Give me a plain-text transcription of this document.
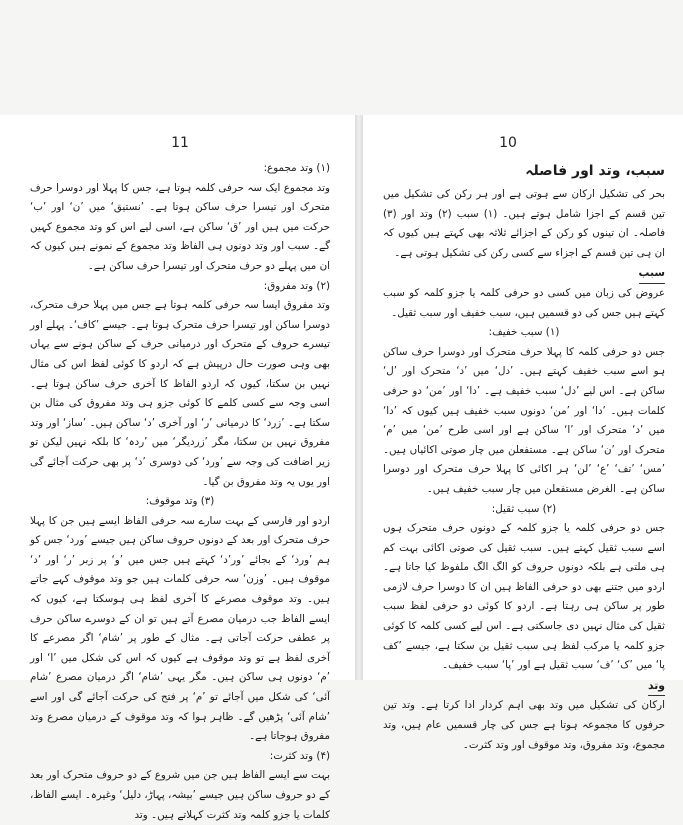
11

(۱) وتد مجموع:

وتد مجموع ایک سہ حرفی کلمہ ہوتا ہے، جس کا پہلا اور دوسرا حرف متحرک اور تیسرا حرف ساکن ہوتا ہے۔ ’نستیق‘ میں ’ن‘ اور ’ب‘ حرکت میں ہیں اور ’ق‘ ساکن ہے، اسی لیے اس کو وتد مجموع کہیں گے۔ سبب اور وتد دونوں ہی الفاظ وتد مجموع کے نمونے ہیں کیوں کہ ان میں پہلے دو حرف متحرک اور تیسرا حرف ساکن ہے۔

(۲) وتد مفروق:

وتد مفروق ایسا سہ حرفی کلمہ ہوتا ہے جس میں پہلا حرف متحرک، دوسرا ساکن اور تیسرا حرف متحرک ہوتا ہے۔ جیسے ’کاف‘۔ پہلے اور تیسرے حروف کے متحرک اور درمیانی حرف کے ساکن ہونے سے یہاں بھی وہی صورت حال درپیش ہے کہ اردو کا کوئی لفظ اس کی مثال نہیں بن سکتا، کیوں کہ اردو الفاظ کا آخری حرف ساکن ہوتا ہے۔ اسی وجہ سے کسی کلمے کا کوئی جزو ہی وتد مفروق کی مثال بن سکتا ہے۔ ’زرد‘ کا درمیانی ’ر‘ اور آخری ’د‘ ساکن ہیں۔ ’ساز‘ اور وتد مفروق نہیں بن سکتا، مگر ’زردیگر‘ میں ’ردہ‘ کا بلکہ نہیں لیکن تو زیر اضافت کی وجہ سے ’ورد‘ کی دوسری ’د‘ پر بھی حرکت آجائے گی اور یوں یہ وتد مفروق بن گیا۔

(۳) وتد موقوف:

اردو اور فارسی کے بہت سارے سہ حرفی الفاظ ایسے ہیں جن کا پہلا حرف متحرک اور بعد کے دونوں حروف ساکن ہیں جیسے ’ورد‘ جس کو ہم ’ورد‘ کے بجائے ’ور’د‘ کہتے ہیں جس میں ’و‘ پر زبر ’ر‘ اور ’د‘ موقوف ہیں۔ ’وزن‘ سہ حرفی کلمات ہیں جو وتد موقوف کہے جاتے ہیں۔ وتد موقوف مصرعے کا آخری لفظ ہی ہوسکتا ہے، کیوں کہ ایسے الفاظ جب درمیان مصرع آتے ہیں تو ان کے دوسرے ساکن حرف پر عطفی حرکت آجاتی ہے۔ مثال کے طور پر ’شام‘ اگر مصرعے کا آخری لفظ ہے تو وتد موقوف ہے کیوں کہ اس کی شکل میں ’ا‘ اور ’م‘ دونوں ہی ساکن ہیں۔ مگر یہی ’شام‘ اگر درمیان مصرع ’شام آئی‘ کی شکل میں آجائے تو ’م‘ پر فتح کی حرکت آجائے گی اور اسے ’شام آئی‘ پڑھیں گے۔ ظاہر ہوا کہ وتد موقوف کے درمیان مصرع وتد مفروق ہوجاتا ہے۔

(۴) وتد کثرت:

بہت سے ایسے الفاظ ہیں جن میں شروع کے دو حروف متحرک اور بعد کے دو حروف ساکن ہیں جیسے ’بیشہ، پہاڑ، دلیل‘ وغیرہ۔ ایسے الفاظ، کلمات یا جزو کلمہ وتد کثرت کہلاتے ہیں۔ وتد

10
سبب، وتد اور فاصلہ

بحر کی تشکیل ارکان سے ہوتی ہے اور ہر رکن کی تشکیل میں تین قسم کے اجزا شامل ہوتے ہیں۔ (۱) سبب (۲) وتد اور (۳) فاصلہ۔ ان تینوں کو رکن کے اجزائے ثلاثہ بھی کہتے ہیں کیوں کہ ان ہی تین قسم کے اجزاء سے کسی رکن کی تشکیل ہوتی ہے۔

سبب

عروض کی زبان میں کسی دو حرفی کلمہ یا جزو کلمہ کو سبب کہتے ہیں جس کی دو قسمیں ہیں، سبب خفیف اور سبب ثقیل۔

(۱) سبب خفیف:

جس دو حرفی کلمہ کا پہلا حرف متحرک اور دوسرا حرف ساکن ہو اسے سبب خفیف کہتے ہیں۔ ’دل‘ میں ’د‘ متحرک اور ’ل‘ ساکن ہے۔ اس لیے ’دل‘ سبب خفیف ہے۔ ’دا‘ اور ’من‘ دو حرفی کلمات ہیں۔ ’دا‘ اور ’من‘ دونوں سبب خفیف ہیں کیوں کہ ’دا‘ میں ’د‘ متحرک اور ’ا‘ ساکن ہے اور اسی طرح ’من‘ میں ’م‘ متحرک اور ’ن‘ ساکن ہے۔ مستفعلن میں چار صوتی اکائیاں ہیں۔ ’مس‘ ’تف‘ ’ع‘ ’لن‘ ہر اکائی کا پہلا حرف متحرک اور دوسرا ساکن ہے۔ الغرض مستفعلن میں چار سبب خفیف ہیں۔

(۲) سبب ثقیل:

جس دو حرفی کلمہ یا جزو کلمہ کے دونوں حرف متحرک ہوں اسے سبب ثقیل کہتے ہیں۔ سبب ثقیل کی صوتی اکائی بہت کم ہی ملتی ہے بلکہ دونوں حروف کو الگ الگ ملفوظ کیا جاتا ہے۔ اردو میں جتنے بھی دو حرفی الفاظ ہیں ان کا دوسرا حرف لازمی طور پر ساکن ہی رہتا ہے۔ اردو کا کوئی دو حرفی لفظ سبب ثقیل کی مثال نہیں دی جاسکتی ہے۔ اس لیے کسی کلمہ کا کوئی جزو کلمہ یا مرکب لفظ ہی سبب ثقیل بن سکتا ہے، جیسے ’کف پا‘ میں ’ک‘ ’ف‘ سبب ثقیل ہے اور ’پا‘ سبب خفیف۔

وتد

ارکان کی تشکیل میں وتد بھی اہم کردار ادا کرتا ہے۔ وتد تین حرفوں کا مجموعہ ہوتا ہے جس کی چار قسمیں عام ہیں، وتد مجموع، وتد مفروق، وتد موقوف اور وتد کثرت۔
